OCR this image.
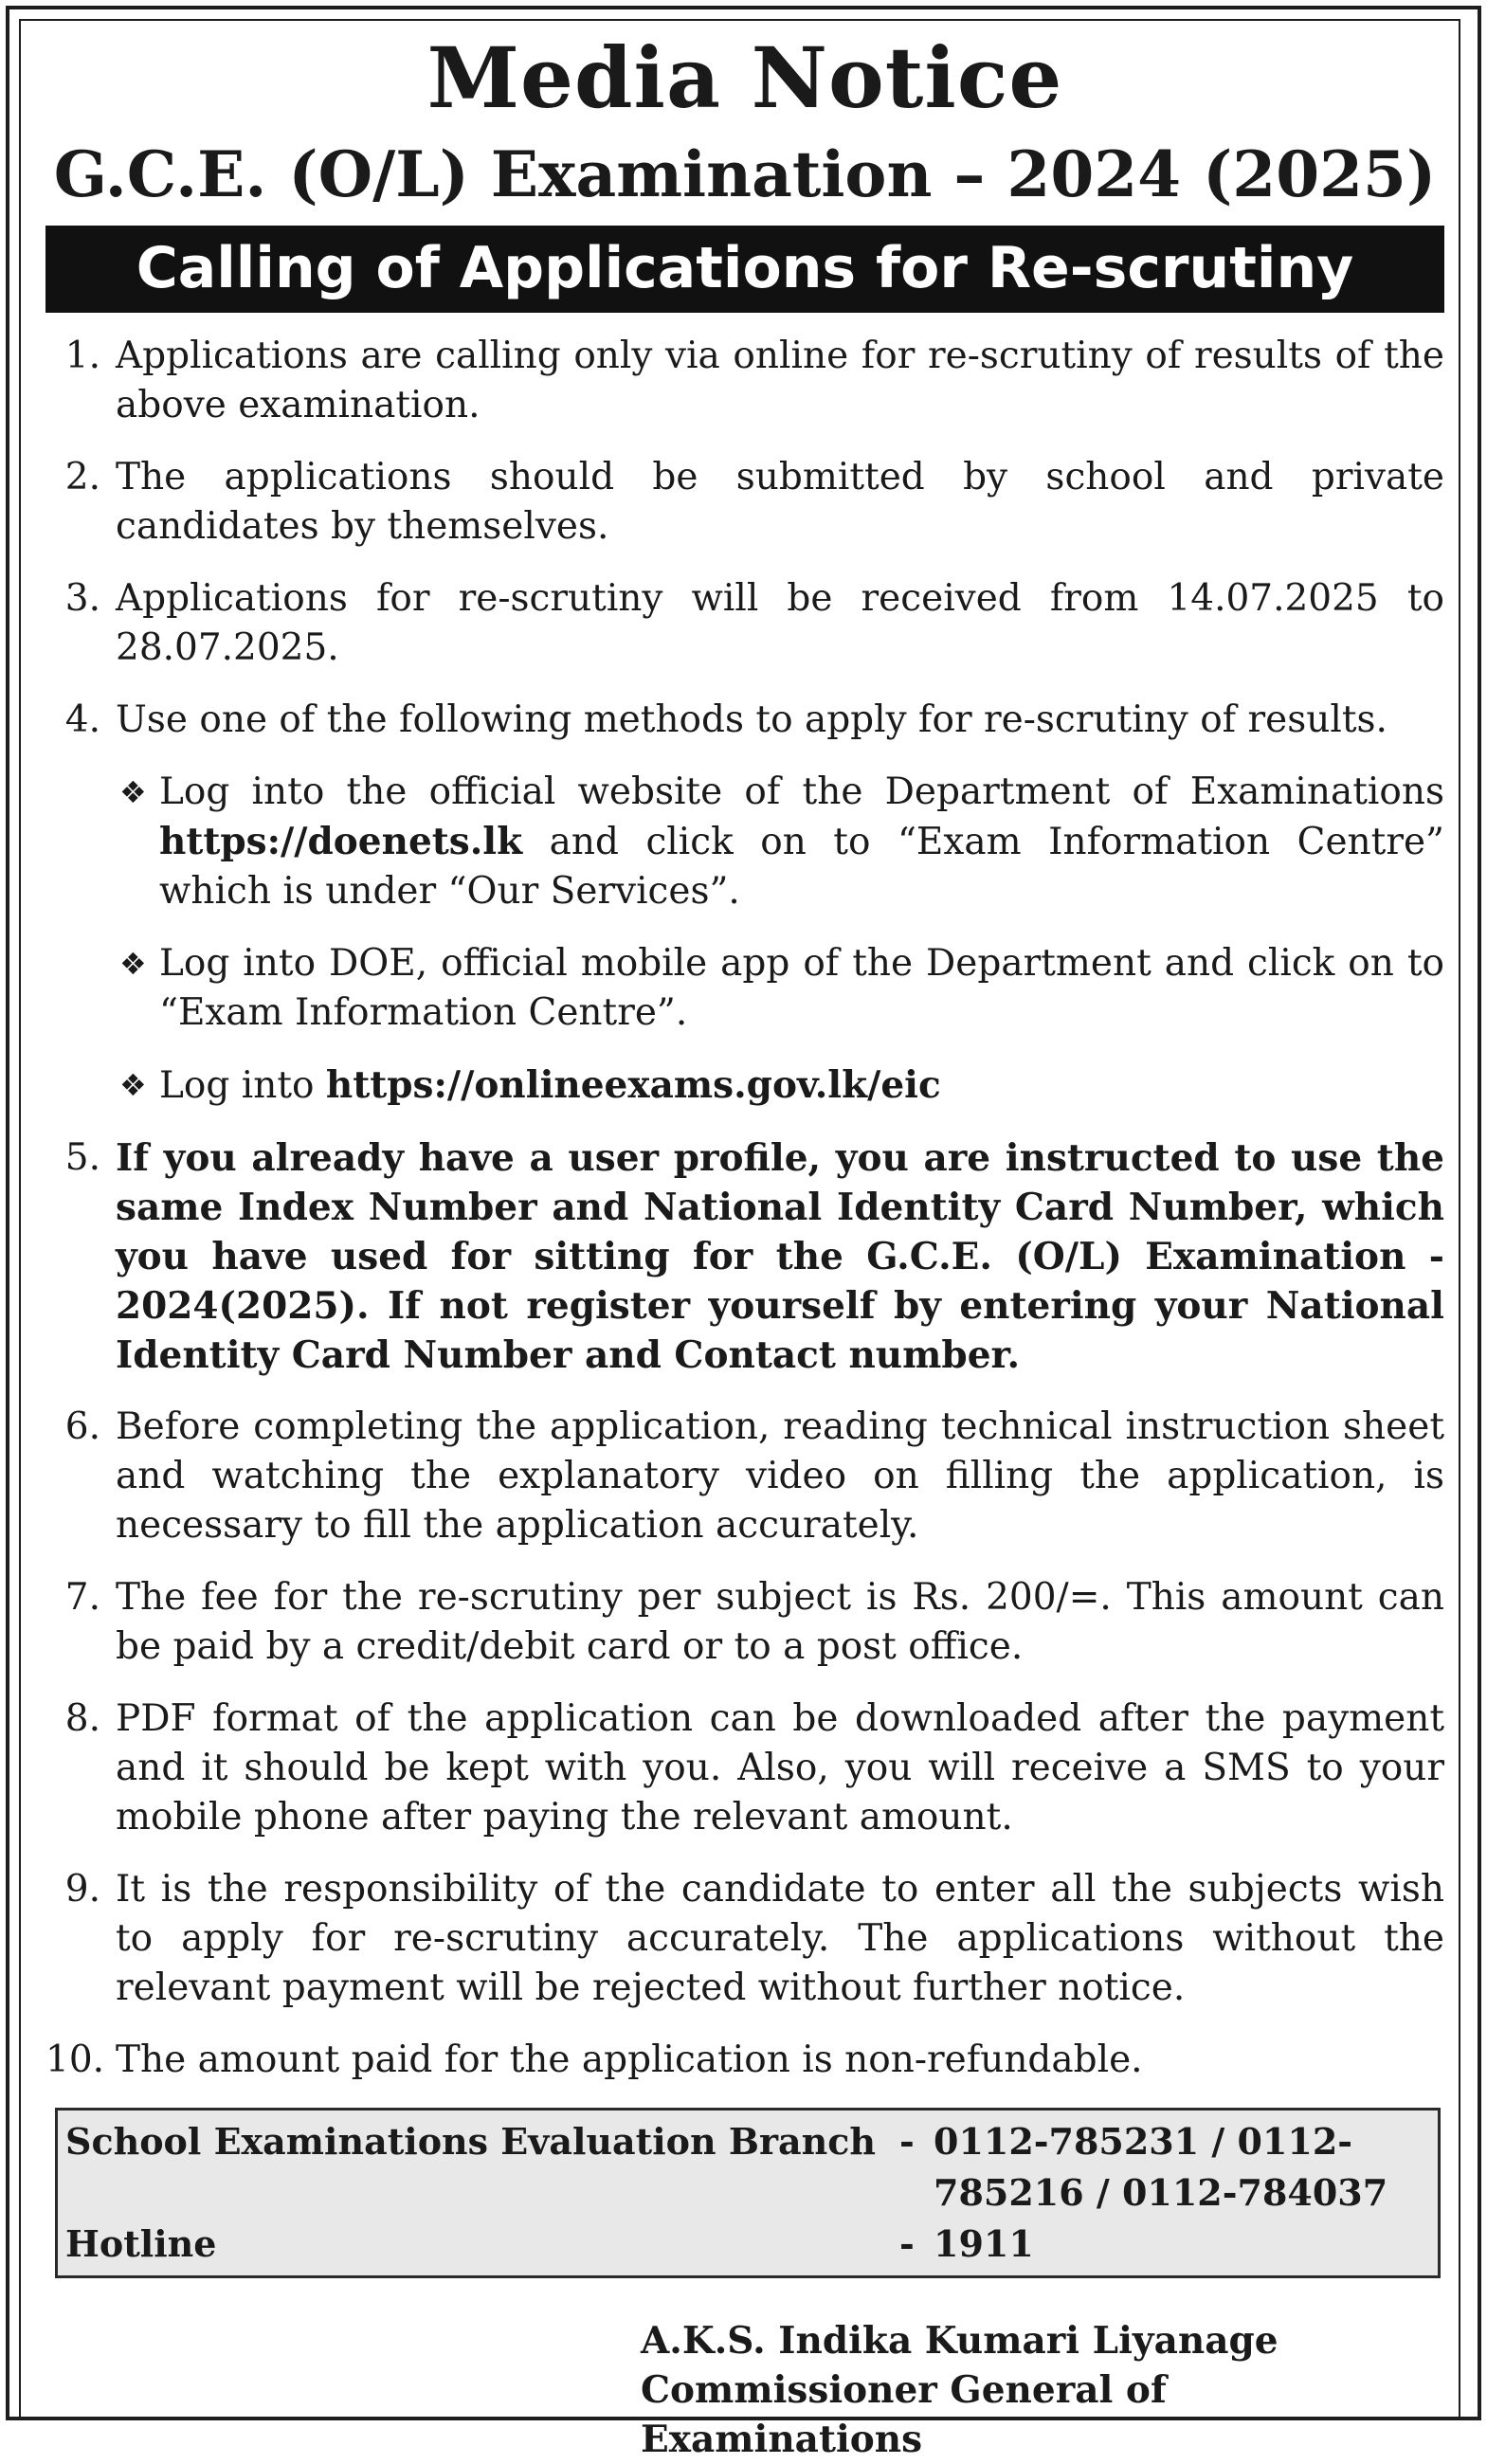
Media Notice
G.C.E. (O/L) Examination – 2024 (2025)
Calling of Applications for Re-scrutiny
1. Applications are calling only via online for re-scrutiny of results of the above examination.
2. The applications should be submitted by school and private candidates by themselves.
3. Applications for re-scrutiny will be received from 14.07.2025 to 28.07.2025.
4. Use one of the following methods to apply for re-scrutiny of results.
❖ Log into the official website of the Department of Examinations https://doenets.lk and click on to “Exam Information Centre” which is under “Our Services”.
❖ Log into DOE, official mobile app of the Department and click on to “Exam Information Centre”.
❖ Log into https://onlineexams.gov.lk/eic
5. If you already have a user profile, you are instructed to use the same Index Number and National Identity Card Number, which you have used for sitting for the G.C.E. (O/L) Examination - 2024(2025). If not register yourself by entering your National Identity Card Number and Contact number.
6. Before completing the application, reading technical instruction sheet and watching the explanatory video on filling the application, is necessary to fill the application accurately.
7. The fee for the re-scrutiny per subject is Rs. 200/=. This amount can be paid by a credit/debit card or to a post office.
8. PDF format of the application can be downloaded after the payment and it should be kept with you. Also, you will receive a SMS to your mobile phone after paying the relevant amount.
9. It is the responsibility of the candidate to enter all the subjects wish to apply for re-scrutiny accurately. The applications without the relevant payment will be rejected without further notice.
10. The amount paid for the application is non-refundable.
School Examinations Evaluation Branch - 0112-785231 / 0112-785216 / 0112-784037
Hotline	- 1911
A.K.S. Indika Kumari Liyanage
Commissioner General of Examinations
